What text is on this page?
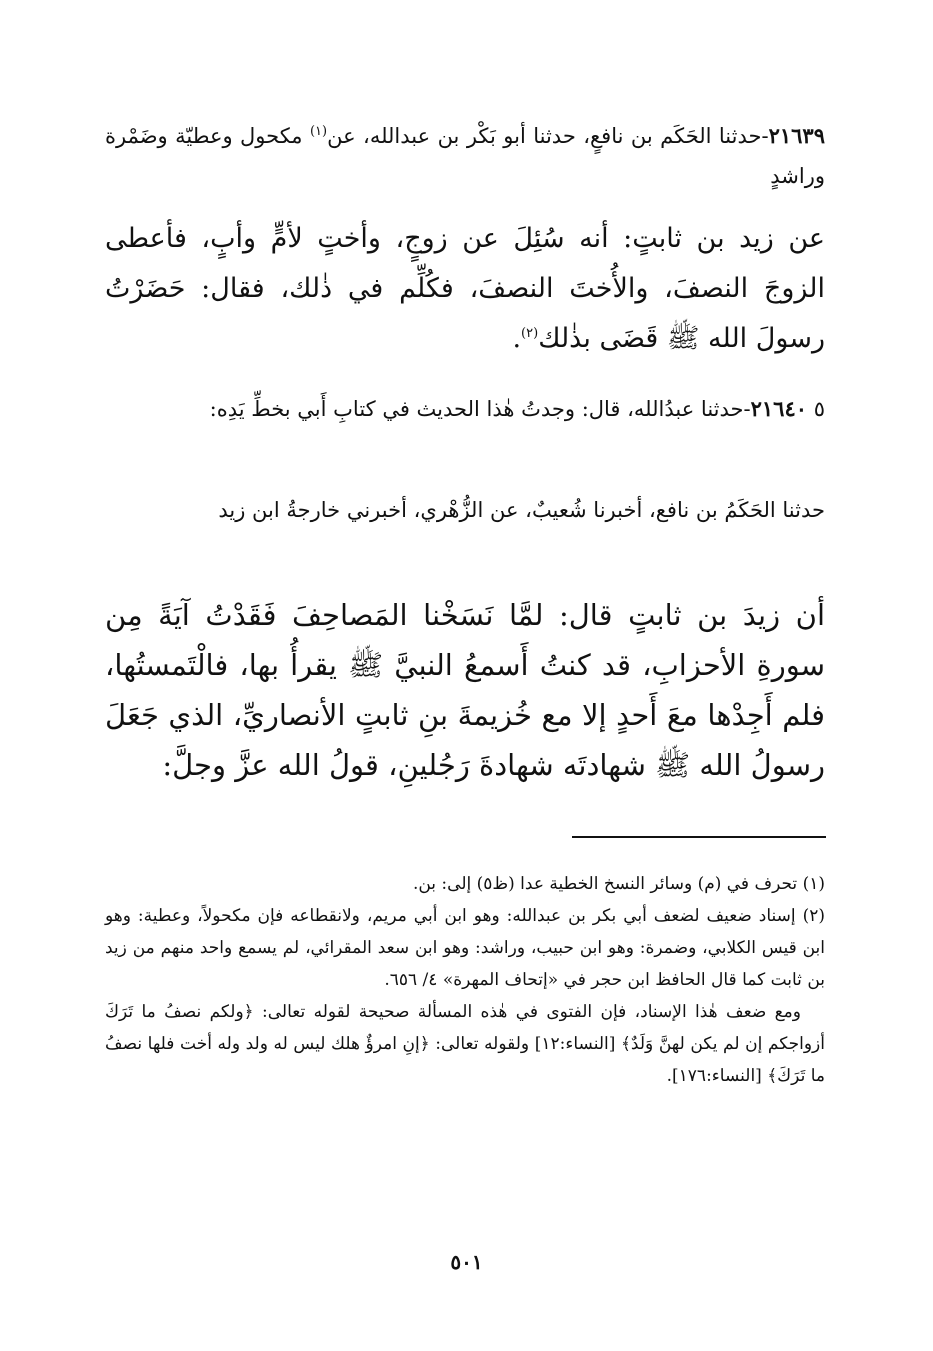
٢١٦٣٩-حدثنا الحَكَم بن نافعٍ، حدثنا أبو بَكْر بن عبدالله، عن$^{(١)}$ مكحول وعطيّة وضَمْرة وراشدٍ
عن زيد بن ثابتٍ: أنه سُئِلَ عن زوجٍ، وأختٍ لأمٍّ وأبٍ، فأعطى الزوجَ النصفَ، والأُختَ النصفَ، فكُلِّم في ذٰلك، فقال: حَضَرْتُ رسولَ الله ﷺ قَضَى بذٰلك$^{(٢)}$.
٥ ٢١٦٤٠-حدثنا عبدُالله، قال: وجدتُ هٰذا الحديث في كتابِ أَبي بخطِّ يَدِه:
حدثنا الحَكَمُ بن نافع، أخبرنا شُعيبٌ، عن الزُّهْري، أخبرني خارجةُ ابن زيد
أن زيدَ بن ثابتٍ قال: لمَّا نَسَخْنا المَصاحِفَ فَقَدْتُ آيَةً مِن سورةِ الأحزابِ، قد كنتُ أَسمعُ النبيَّ ﷺ يقرأُ بها، فالْتَمستُها، فلم أَجِدْها معَ أَحدٍ إلا مع خُزيمةَ بنِ ثابتٍ الأنصاريِّ، الذي جَعَلَ رسولُ الله ﷺ شهادتَه شهادةَ رَجُلينِ، قولُ الله عزَّ وجلَّ:

(١) تحرف في (م) وسائر النسخ الخطية عدا (ظ٥) إلى: بن.

(٢) إسناد ضعيف لضعف أبي بكر بن عبدالله: وهو ابن أبي مريم، ولانقطاعه فإن مكحولاً، وعطية: وهو ابن قيس الكلابي، وضمرة: وهو ابن حبيب، وراشد: وهو ابن سعد المقرائي، لم يسمع واحد منهم من زيد بن ثابت كما قال الحافظ ابن حجر في «إتحاف المهرة» ٤/ ٦٥٦.

ومع ضعف هٰذا الإسناد، فإن الفتوى في هٰذه المسألة صحيحة لقوله تعالى: ﴿ولكم نصفُ ما تَرَكَ أزواجكم إن لم يكن لهنَّ وَلَدٌ﴾ [النساء:١٢] ولقوله تعالى: ﴿إنِ امرؤٌ هلك ليس له ولد وله أخت فلها نصفُ ما تَرَكَ﴾ [النساء:١٧٦].

٥٠١
